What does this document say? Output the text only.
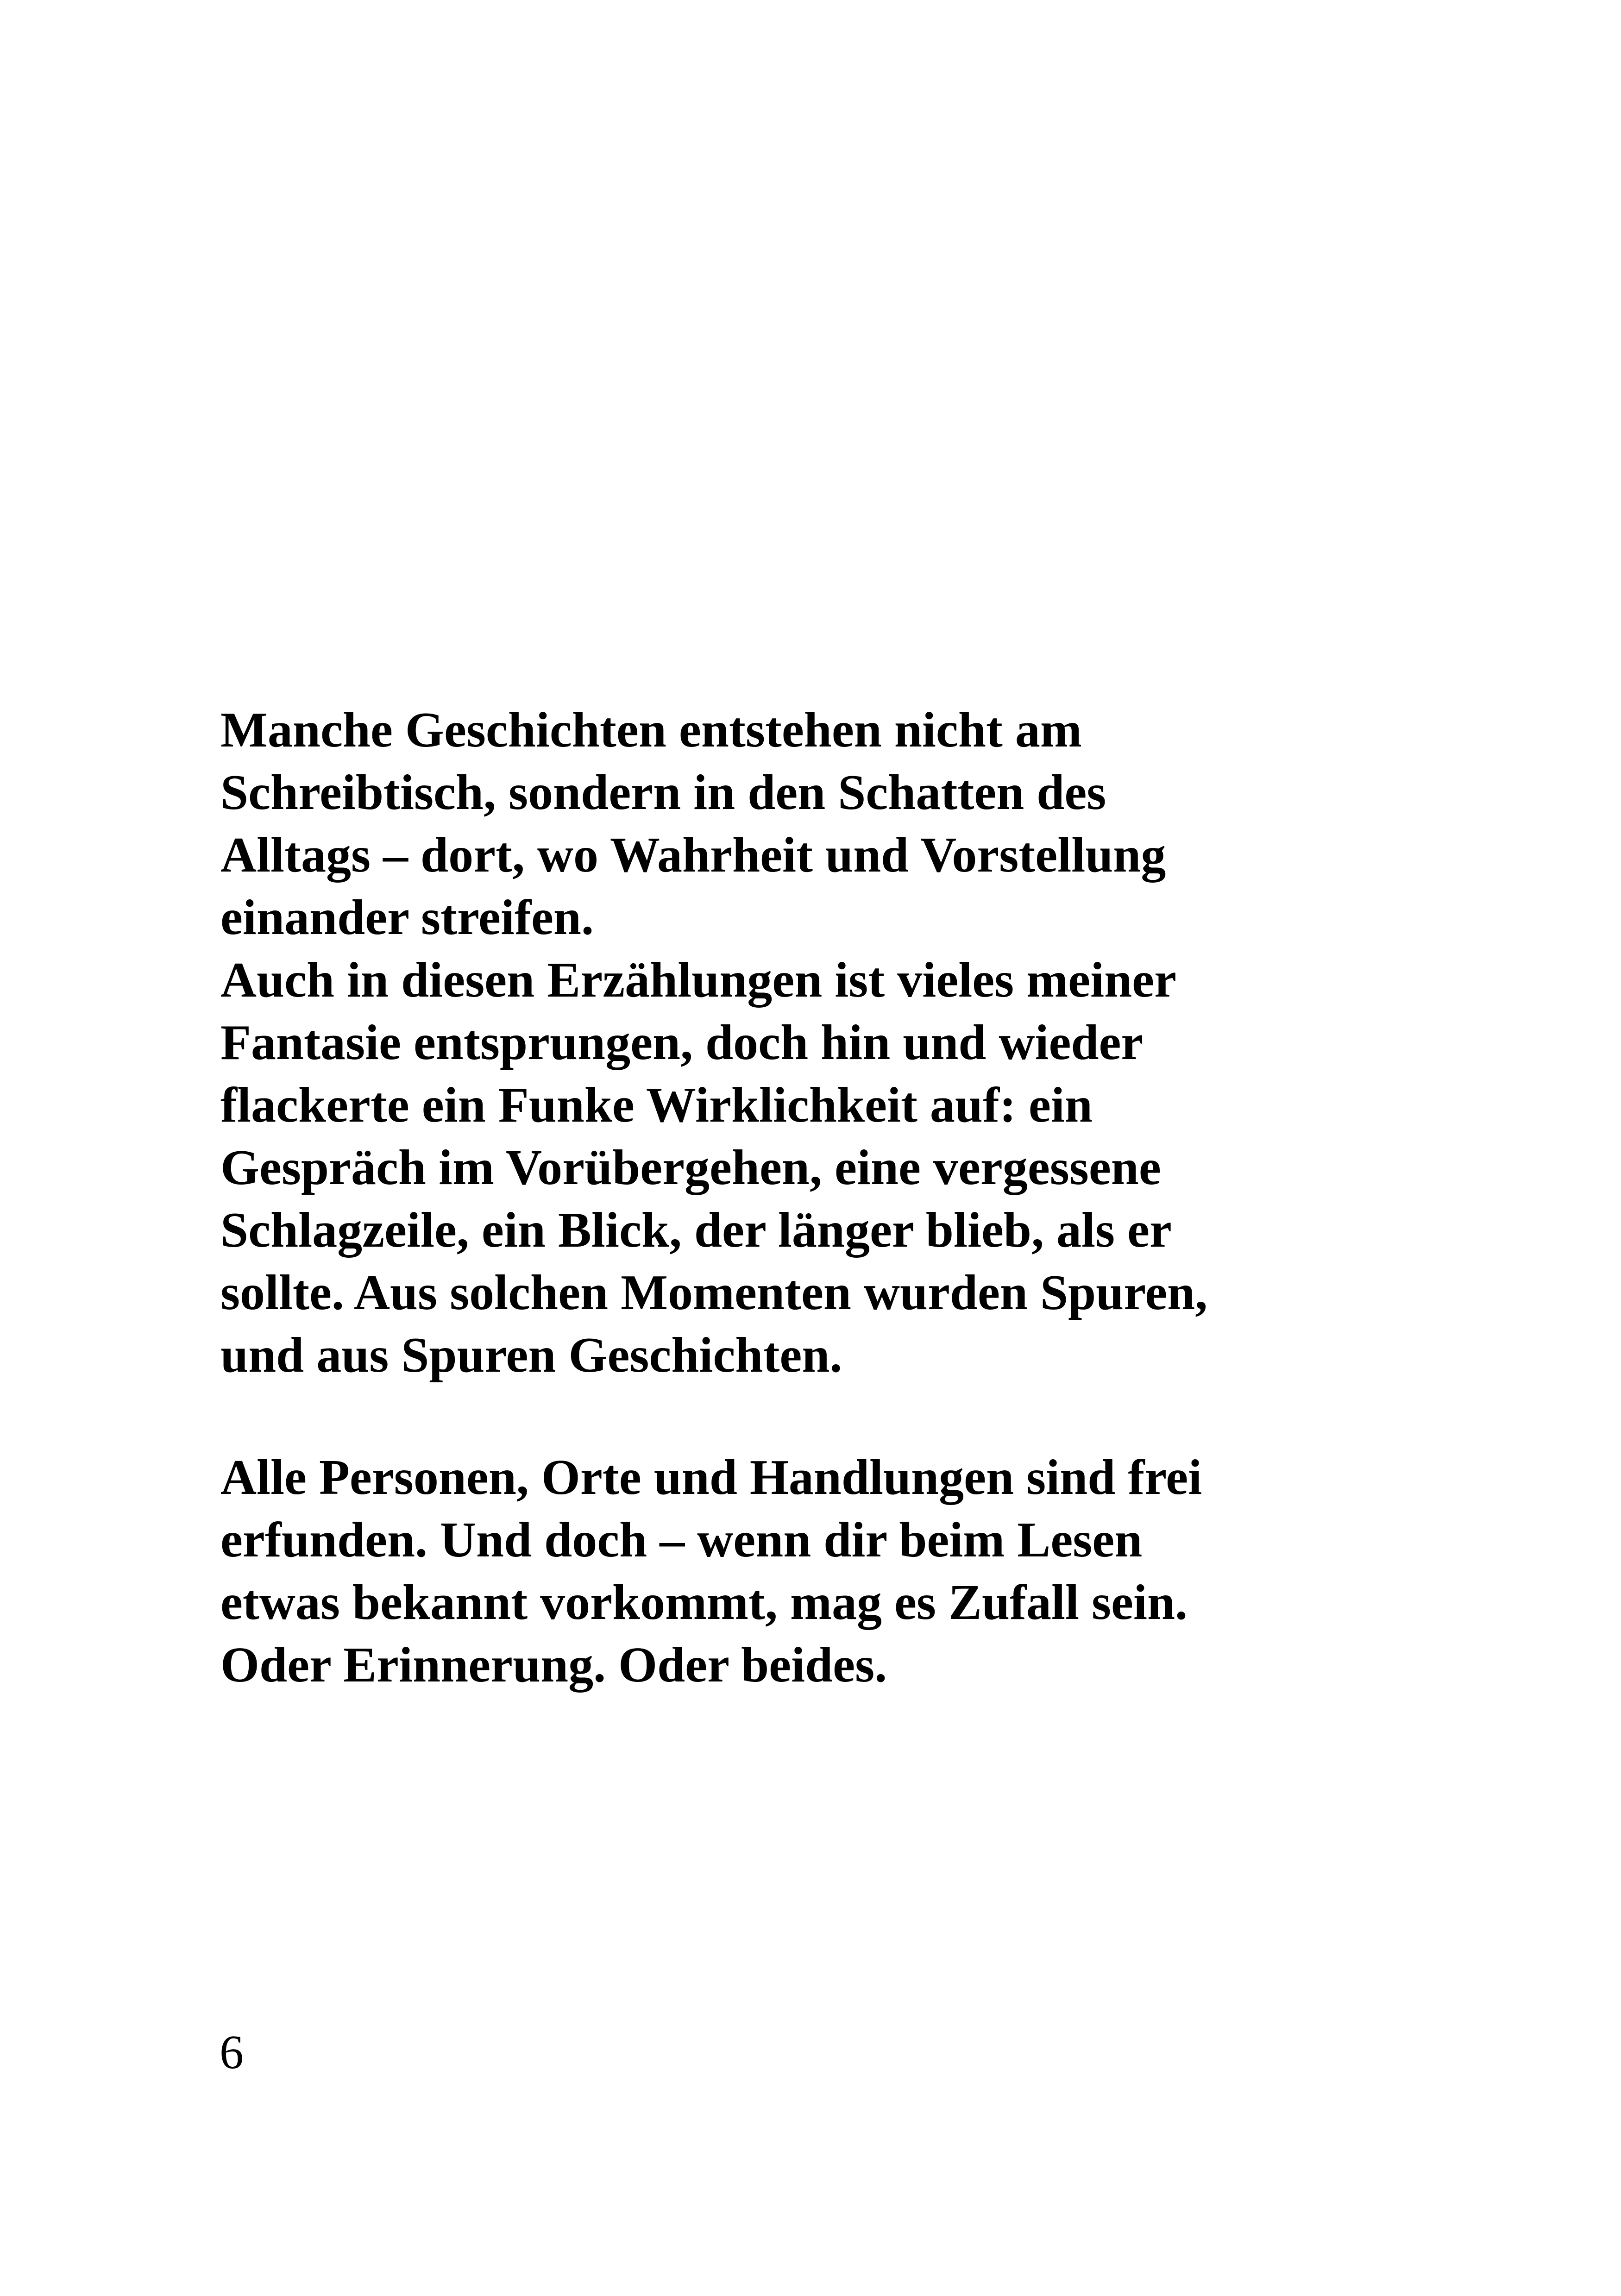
Manche Geschichten entstehen nicht am
Schreibtisch, sondern in den Schatten des
Alltags – dort, wo Wahrheit und Vorstellung
einander streifen.
Auch in diesen Erzählungen ist vieles meiner
Fantasie entsprungen, doch hin und wieder
flackerte ein Funke Wirklichkeit auf: ein
Gespräch im Vorübergehen, eine vergessene
Schlagzeile, ein Blick, der länger blieb, als er
sollte. Aus solchen Momenten wurden Spuren,
und aus Spuren Geschichten.

Alle Personen, Orte und Handlungen sind frei
erfunden. Und doch – wenn dir beim Lesen
etwas bekannt vorkommt, mag es Zufall sein.
Oder Erinnerung. Oder beides.

6
